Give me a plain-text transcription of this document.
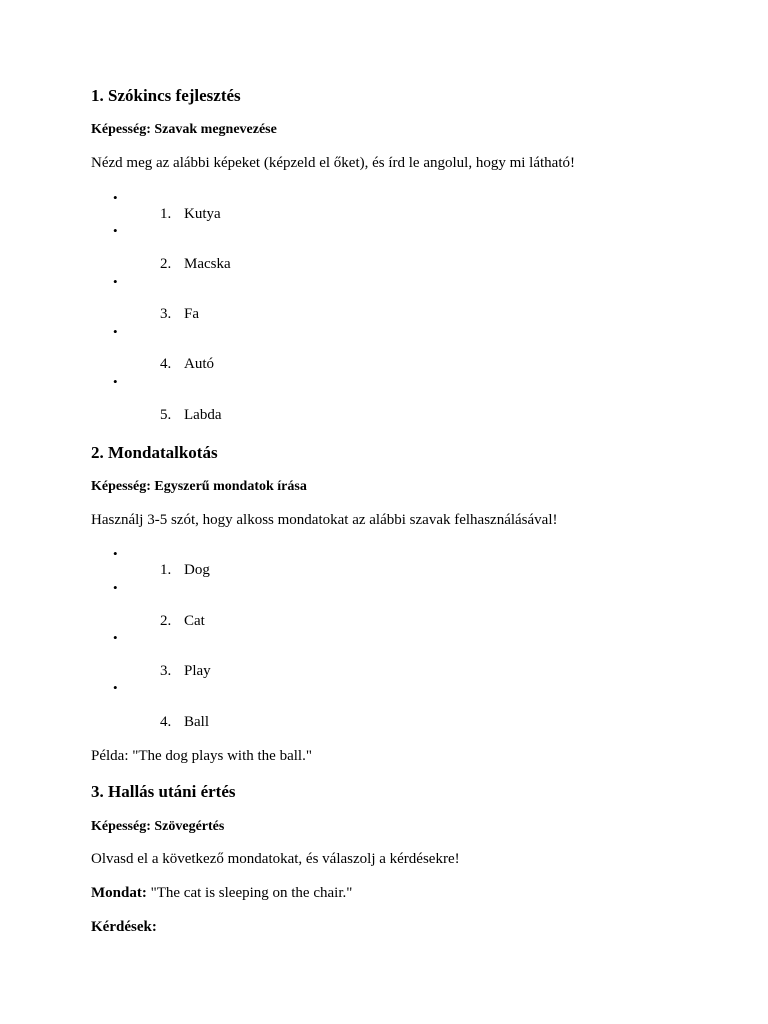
1. Szókincs fejlesztés
Képesség: Szavak megnevezése
Nézd meg az alábbi képeket (képzeld el őket), és írd le angolul, hogy mi látható!
•
1. Kutya
•
2. Macska
•
3. Fa
•
4. Autó
•
5. Labda
2. Mondatalkotás
Képesség: Egyszerű mondatok írása
Használj 3-5 szót, hogy alkoss mondatokat az alábbi szavak felhasználásával!
•
1. Dog
•
2. Cat
•
3. Play
•
4. Ball
Példa: "The dog plays with the ball."
3. Hallás utáni értés
Képesség: Szövegértés
Olvasd el a következő mondatokat, és válaszolj a kérdésekre!
Mondat: "The cat is sleeping on the chair."
Kérdések:
